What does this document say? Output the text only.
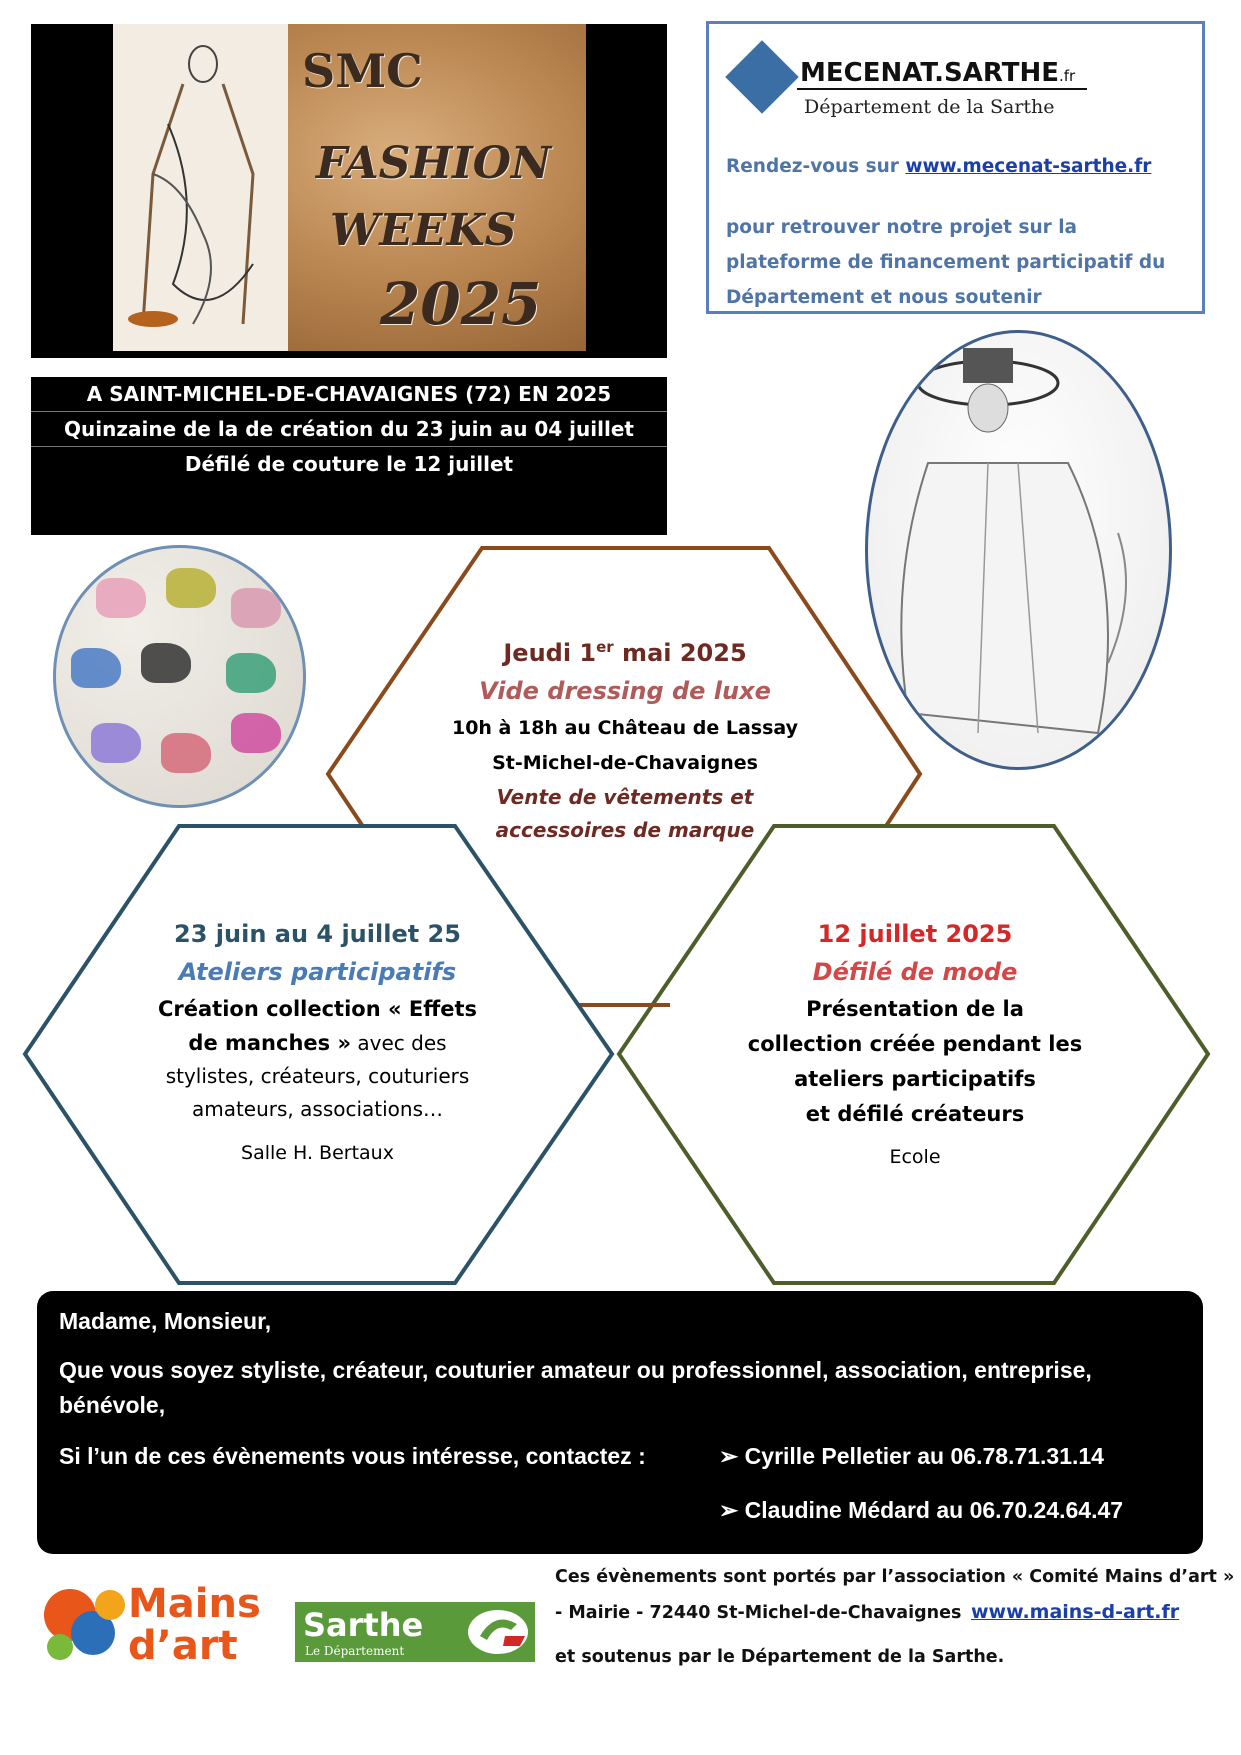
SMC
FASHION
WEEKS
2025
A SAINT-MICHEL-DE-CHAVAIGNES (72) EN 2025
Quinzaine de la de création du 23 juin au 04 juillet
Défilé de couture le 12 juillet
MECENAT.SARTHE.fr
Département de la Sarthe
Rendez-vous sur www.mecenat-sarthe.fr
pour retrouver notre projet sur la plateforme de financement participatif du Département et nous soutenir
Jeudi 1er mai 2025
Vide dressing de luxe
10h à 18h au Château de Lassay
St-Michel-de-Chavaignes
Vente de vêtements et
accessoires de marque
23 juin au 4 juillet 25
Ateliers participatifs
Création collection « Effets
de manches » avec des
stylistes, créateurs, couturiers
amateurs, associations…
Salle H. Bertaux
12 juillet 2025
Défilé de mode
Présentation de la
collection créée pendant les
ateliers participatifs
et défilé créateurs
Ecole
Madame, Monsieur,
Que vous soyez styliste, créateur, couturier amateur ou professionnel, association, entreprise,
bénévole,
Si l’un de ces évènements vous intéresse, contactez :	➢ Cyrille Pelletier au 06.78.71.31.14
➢ Claudine Médard au 06.70.24.64.47
Mains
d’art	Sarthe
Le Département
Ces évènements sont portés par l’association « Comité Mains d’art »
- Mairie - 72440 St-Michel-de-Chavaignes www.mains-d-art.fr
et soutenus par le Département de la Sarthe.
